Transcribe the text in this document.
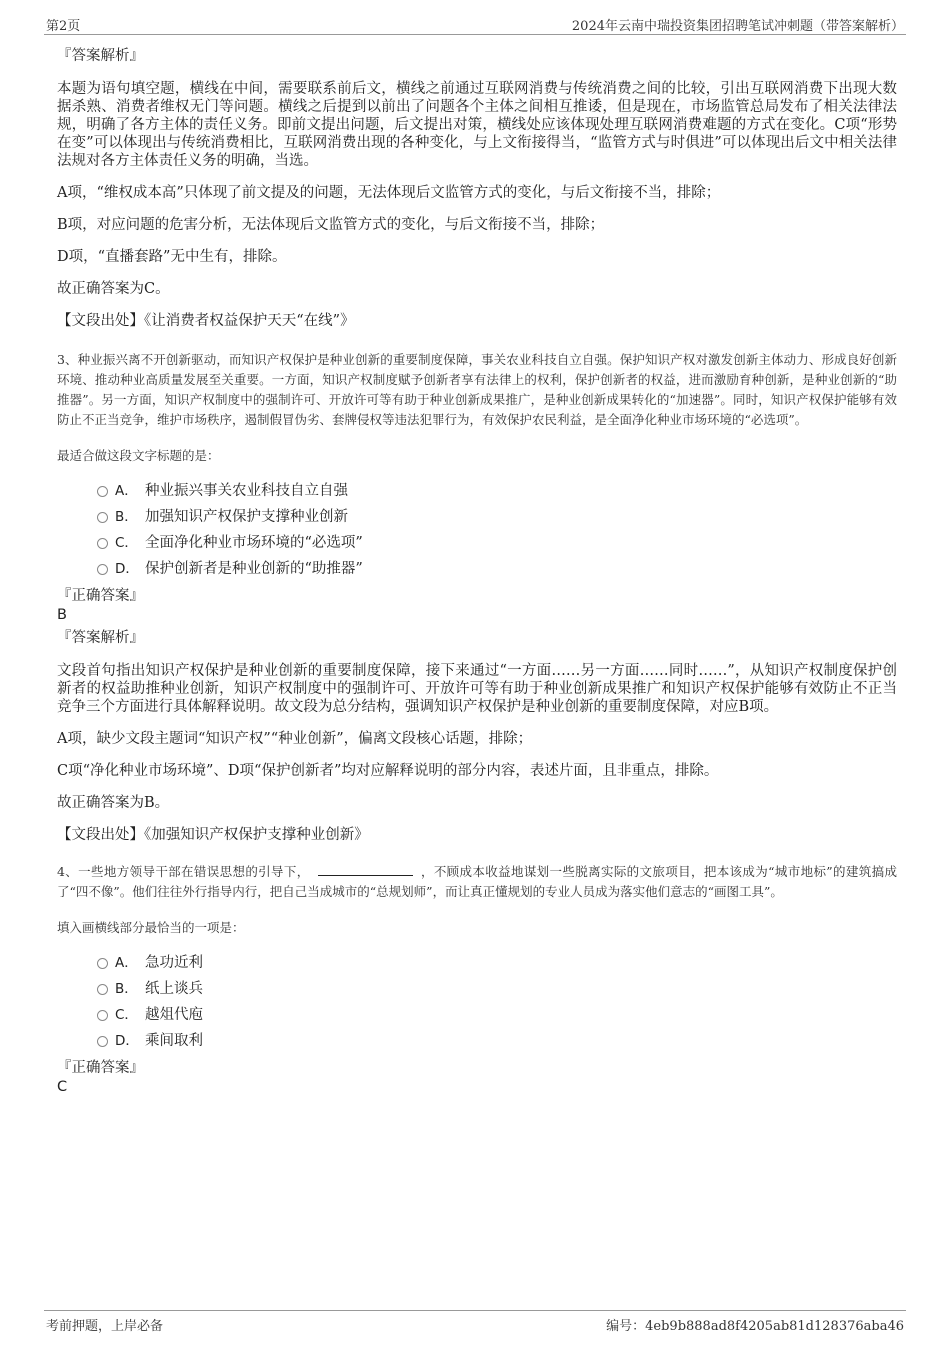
第2页	2024年云南中瑞投资集团招聘笔试冲刺题（带答案解析）

『答案解析』

本题为语句填空题，横线在中间，需要联系前后文，横线之前通过互联网消费与传统消费之间的比较，引出互联网消费下出现大数据杀熟、消费者维权无门等问题。横线之后提到以前出了问题各个主体之间相互推诿，但是现在，市场监管总局发布了相关法律法规，明确了各方主体的责任义务。即前文提出问题，后文提出对策，横线处应该体现处理互联网消费难题的方式在变化。C项“形势在变”可以体现出与传统消费相比，互联网消费出现的各种变化，与上文衔接得当，“监管方式与时俱进”可以体现出后文中相关法律法规对各方主体责任义务的明确，当选。

A项，“维权成本高”只体现了前文提及的问题，无法体现后文监管方式的变化，与后文衔接不当，排除；

B项，对应问题的危害分析，无法体现后文监管方式的变化，与后文衔接不当，排除；

D项，“直播套路”无中生有，排除。

故正确答案为C。

【文段出处】《让消费者权益保护天天“在线”》

3、种业振兴离不开创新驱动，而知识产权保护是种业创新的重要制度保障，事关农业科技自立自强。保护知识产权对激发创新主体动力、形成良好创新环境、推动种业高质量发展至关重要。一方面，知识产权制度赋予创新者享有法律上的权利，保护创新者的权益，进而激励育种创新，是种业创新的“助推器”。另一方面，知识产权制度中的强制许可、开放许可等有助于种业创新成果推广，是种业创新成果转化的“加速器”。同时，知识产权保护能够有效防止不正当竞争，维护市场秩序，遏制假冒伪劣、套牌侵权等违法犯罪行为，有效保护农民利益，是全面净化种业市场环境的“必选项”。

最适合做这段文字标题的是：

A． 种业振兴事关农业科技自立自强
B． 加强知识产权保护支撑种业创新
C． 全面净化种业市场环境的“必选项”
D． 保护创新者是种业创新的“助推器”

『正确答案』

B

『答案解析』

文段首句指出知识产权保护是种业创新的重要制度保障，接下来通过“一方面……另一方面……同时……”，从知识产权制度保护创新者的权益助推种业创新，知识产权制度中的强制许可、开放许可等有助于种业创新成果推广和知识产权保护能够有效防止不正当竞争三个方面进行具体解释说明。故文段为总分结构，强调知识产权保护是种业创新的重要制度保障，对应B项。

A项，缺少文段主题词“知识产权”“种业创新”，偏离文段核心话题，排除；

C项“净化种业市场环境”、D项“保护创新者”均对应解释说明的部分内容，表述片面，且非重点，排除。

故正确答案为B。

【文段出处】《加强知识产权保护支撑种业创新》

4、一些地方领导干部在错误思想的引导下，	，不顾成本收益地谋划一些脱离实际的文旅项目，把本该成为“城市地标”的建筑搞成了“四不像”。他们往往外行指导内行，把自己当成城市的“总规划师”，而让真正懂规划的专业人员成为落实他们意志的“画图工具”。

填入画横线部分最恰当的一项是：

A． 急功近利
B． 纸上谈兵
C． 越俎代庖
D． 乘间取利

『正确答案』

C

考前押题，上岸必备	编号：4eb9b888ad8f4205ab81d128376aba46
